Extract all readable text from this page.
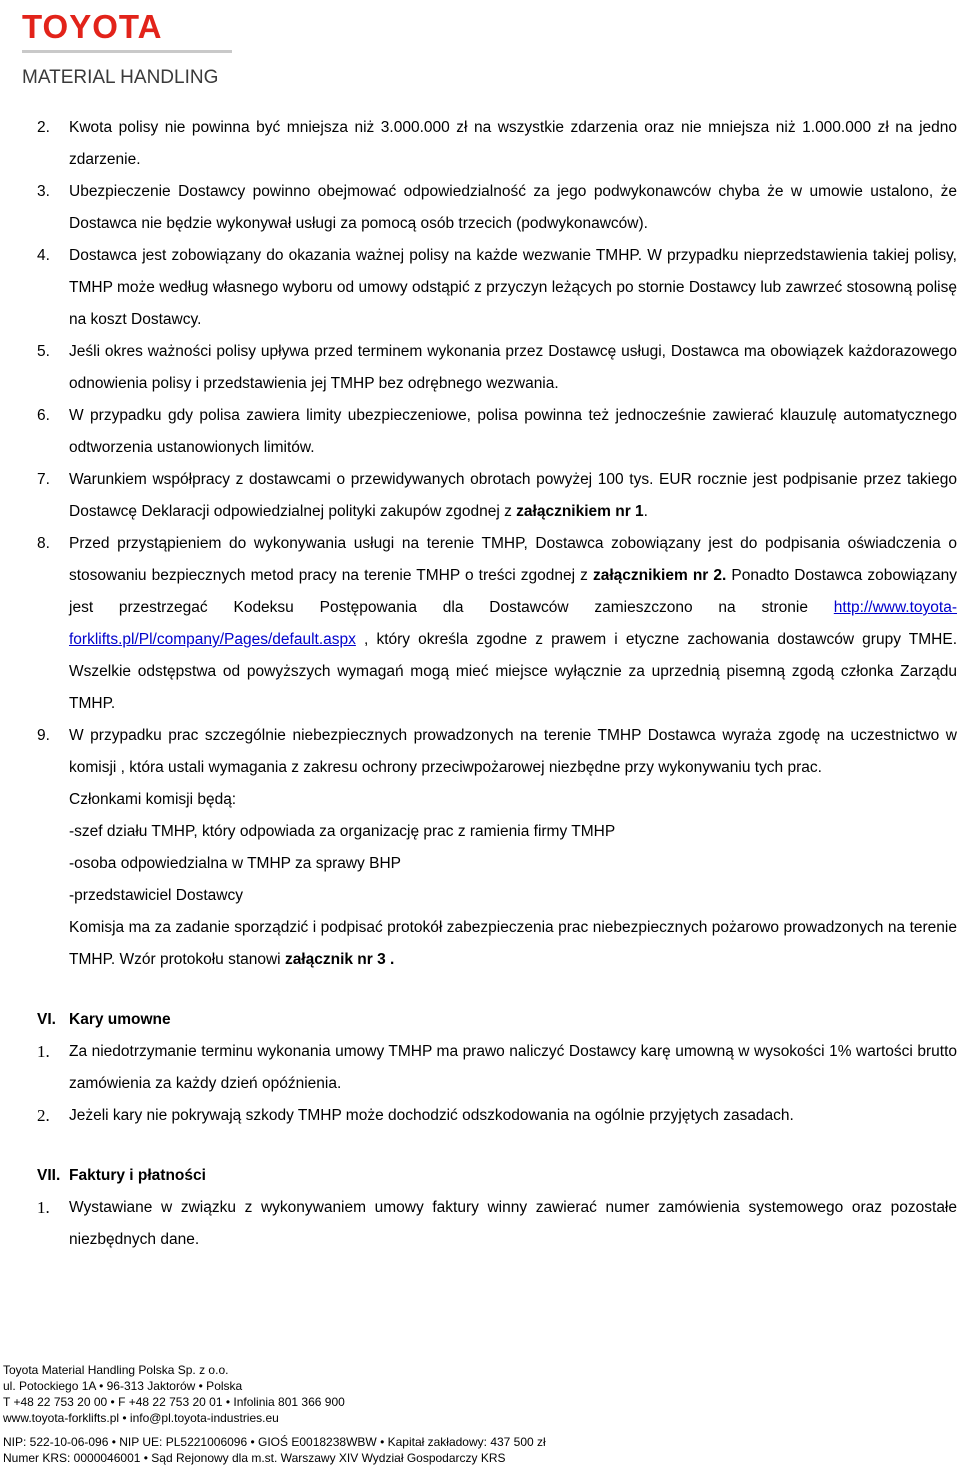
TOYOTA
MATERIAL HANDLING
2.	Kwota polisy nie powinna być mniejsza niż 3.000.000 zł na wszystkie zdarzenia oraz nie mniejsza niż 1.000.000 zł na jedno zdarzenie.
3.	Ubezpieczenie Dostawcy powinno obejmować odpowiedzialność za jego podwykonawców chyba że w umowie ustalono, że Dostawca nie będzie wykonywał usługi za pomocą osób trzecich (podwykonawców).
4.	Dostawca jest zobowiązany do okazania ważnej polisy na każde wezwanie TMHP. W przypadku nieprzedstawienia takiej polisy, TMHP może według własnego wyboru od umowy odstąpić z przyczyn leżących po stornie Dostawcy lub zawrzeć stosowną polisę na koszt Dostawcy.
5.	Jeśli okres ważności polisy upływa przed terminem wykonania przez Dostawcę usługi, Dostawca ma obowiązek każdorazowego odnowienia polisy i przedstawienia jej TMHP bez odrębnego wezwania.
6.	W przypadku gdy polisa zawiera limity ubezpieczeniowe, polisa powinna też jednocześnie zawierać klauzulę automatycznego odtworzenia ustanowionych limitów.
7.	Warunkiem współpracy z dostawcami o przewidywanych obrotach powyżej 100 tys. EUR rocznie jest podpisanie przez takiego Dostawcę Deklaracji odpowiedzialnej polityki zakupów zgodnej z załącznikiem nr 1.
8.	Przed przystąpieniem do wykonywania usługi na terenie TMHP, Dostawca zobowiązany jest do podpisania oświadczenia o stosowaniu bezpiecznych metod pracy na terenie TMHP o treści zgodnej z załącznikiem nr 2. Ponadto Dostawca zobowiązany jest przestrzegać Kodeksu Postępowania dla Dostawców zamieszczono na stronie http://www.toyota-forklifts.pl/Pl/company/Pages/default.aspx , który określa zgodne z prawem i etyczne zachowania dostawców grupy TMHE. Wszelkie odstępstwa od powyższych wymagań mogą mieć miejsce wyłącznie za uprzednią pisemną zgodą członka Zarządu TMHP.
9.	W przypadku prac szczególnie niebezpiecznych prowadzonych na terenie TMHP Dostawca wyraża zgodę na uczestnictwo w komisji , która ustali wymagania z zakresu ochrony przeciwpożarowej niezbędne przy wykonywaniu tych prac.

Członkami komisji będą:

-szef działu TMHP, który odpowiada za organizację prac z ramienia firmy TMHP

-osoba odpowiedzialna w TMHP za sprawy BHP

-przedstawiciel Dostawcy

Komisja ma za zadanie sporządzić i podpisać protokół zabezpieczenia prac niebezpiecznych pożarowo prowadzonych na terenie TMHP. Wzór protokołu stanowi załącznik nr 3 .

VI. Kary umowne
1.	Za niedotrzymanie terminu wykonania umowy TMHP ma prawo naliczyć Dostawcy karę umowną w wysokości 1% wartości brutto zamówienia za każdy dzień opóźnienia.
2.	Jeżeli kary nie pokrywają szkody TMHP może dochodzić odszkodowania na ogólnie przyjętych zasadach.
VII. Faktury i płatności
1.	Wystawiane w związku z wykonywaniem umowy faktury winny zawierać numer zamówienia systemowego oraz pozostałe niezbędnych dane.
Toyota Material Handling Polska Sp. z o.o.
ul. Potockiego 1A • 96-313 Jaktorów • Polska
T +48 22 753 20 00 • F +48 22 753 20 01 • Infolinia 801 366 900
www.toyota-forklifts.pl • info@pl.toyota-industries.eu
NIP: 522-10-06-096 • NIP UE: PL5221006096 • GIOŚ E0018238WBW • Kapitał zakładowy: 437 500 zł
Numer KRS: 0000046001 • Sąd Rejonowy dla m.st. Warszawy XIV Wydział Gospodarczy KRS
